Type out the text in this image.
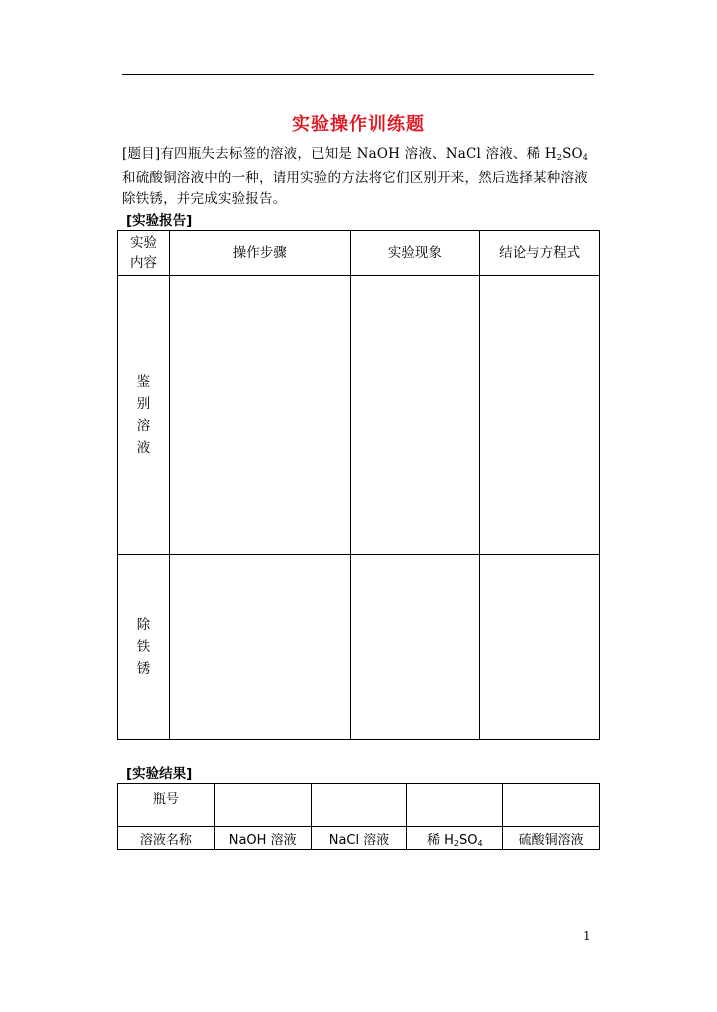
实验操作训练题
[题目]有四瓶失去标签的溶液，已知是 NaOH 溶液、NaCl 溶液、稀 $H_2SO_4$和硫酸铜溶液中的一种，请用实验的方法将它们区别开来，然后选择某种溶液除铁锈，并完成实验报告。
[实验报告]
实验
内容	操作步骤	实验现象	结论与方程式

鉴
别
溶
液			

除
铁
锈			

[实验结果]
瓶号				
溶液名称	NaOH 溶液	NaCl 溶液	稀 $H_2SO_4$	硫酸铜溶液
1
